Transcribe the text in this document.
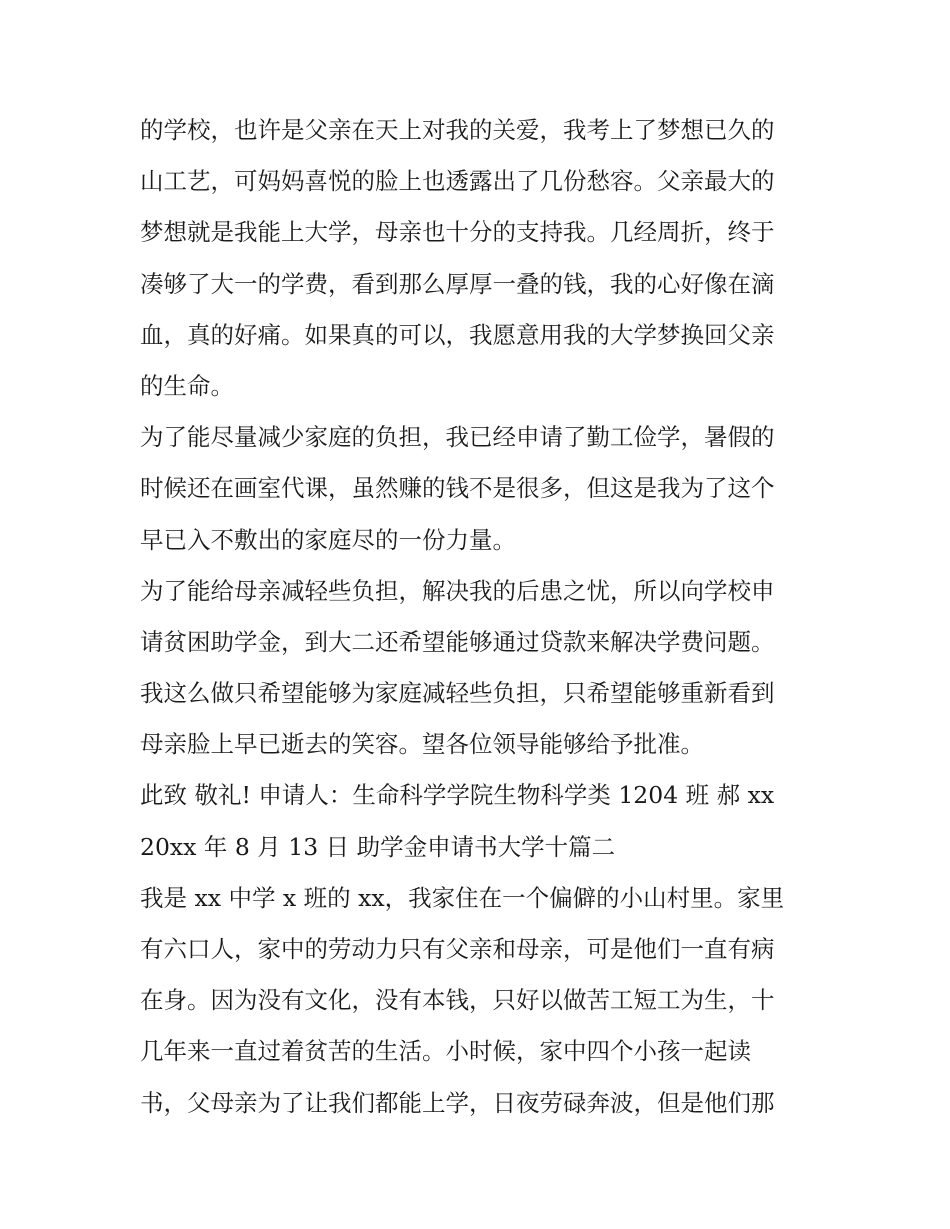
的学校，也许是父亲在天上对我的关爱，我考上了梦想已久的
山工艺，可妈妈喜悦的脸上也透露出了几份愁容。父亲最大的
梦想就是我能上大学，母亲也十分的支持我。几经周折，终于
凑够了大一的学费，看到那么厚厚一叠的钱，我的心好像在滴
血，真的好痛。如果真的可以，我愿意用我的大学梦换回父亲
的生命。
为了能尽量减少家庭的负担，我已经申请了勤工俭学，暑假的
时候还在画室代课，虽然赚的钱不是很多，但这是我为了这个
早已入不敷出的家庭尽的一份力量。
为了能给母亲减轻些负担，解决我的后患之忧，所以向学校申
请贫困助学金，到大二还希望能够通过贷款来解决学费问题。
我这么做只希望能够为家庭减轻些负担，只希望能够重新看到
母亲脸上早已逝去的笑容。望各位领导能够给予批准。
此致 敬礼! 申请人：生命科学学院生物科学类 1204 班 郝 xx
20xx 年 8 月 13 日 助学金申请书大学十篇二
我是 xx 中学 x 班的 xx，我家住在一个偏僻的小山村里。家里
有六口人，家中的劳动力只有父亲和母亲，可是他们一直有病
在身。因为没有文化，没有本钱，只好以做苦工短工为生，十
几年来一直过着贫苦的生活。小时候，家中四个小孩一起读
书，父母亲为了让我们都能上学，日夜劳碌奔波，但是他们那
